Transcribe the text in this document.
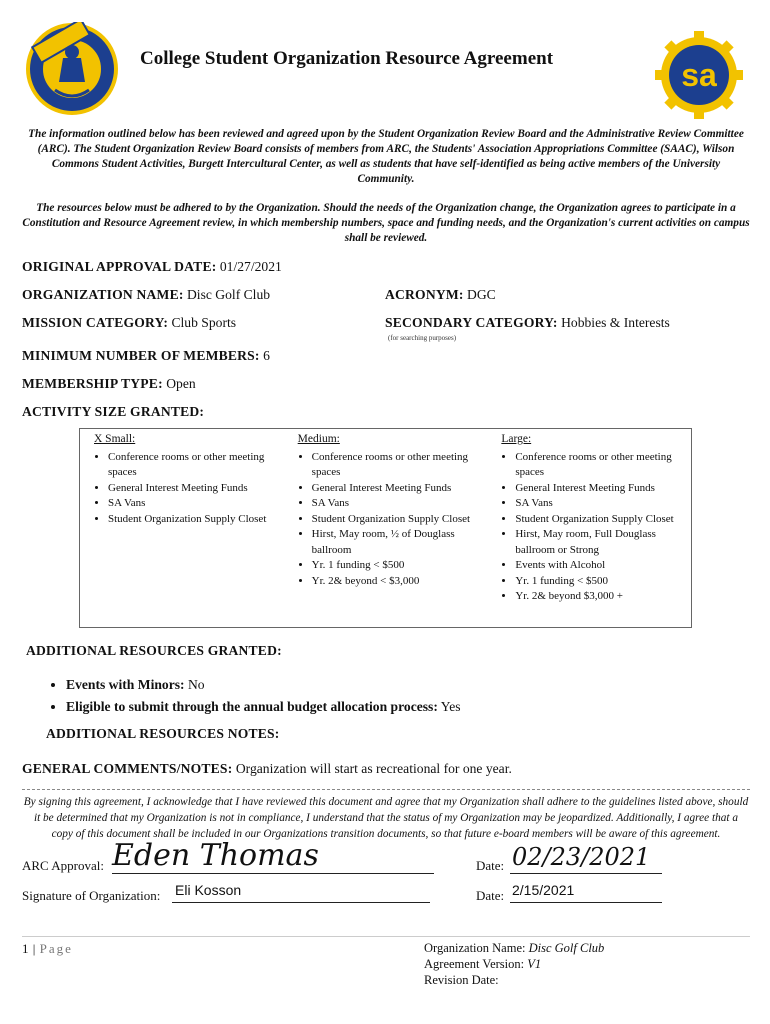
College Student Organization Resource Agreement	sa
The information outlined below has been reviewed and agreed upon by the Student Organization Review Board and the Administrative Review Committee (ARC). The Student Organization Review Board consists of members from ARC, the Students' Association Appropriations Committee (SAAC), Wilson Commons Student Activities, Burgett Intercultural Center, as well as students that have self-identified as being active members of the University Community.
The resources below must be adhered to by the Organization. Should the needs of the Organization change, the Organization agrees to participate in a Constitution and Resource Agreement review, in which membership numbers, space and funding needs, and the Organization's current activities on campus shall be reviewed.
ORIGINAL APPROVAL DATE: 01/27/2021
ORGANIZATION NAME: Disc Golf Club	ACRONYM: DGC
MISSION CATEGORY: Club Sports	SECONDARY CATEGORY: Hobbies & Interests
(for searching purposes)
MINIMUM NUMBER OF MEMBERS: 6
MEMBERSHIP TYPE: Open
ACTIVITY SIZE GRANTED:
X Small:
• Conference rooms or other meeting spaces
• General Interest Meeting Funds
• SA Vans
• Student Organization Supply Closet
Medium:
• Conference rooms or other meeting spaces
• General Interest Meeting Funds
• SA Vans
• Student Organization Supply Closet
• Hirst, May room, ½ of Douglass ballroom
• Yr. 1 funding < $500
• Yr. 2& beyond < $3,000
Large:
• Conference rooms or other meeting spaces
• General Interest Meeting Funds
• SA Vans
• Student Organization Supply Closet
• Hirst, May room, Full Douglass ballroom or Strong
• Events with Alcohol
• Yr. 1 funding < $500
• Yr. 2& beyond $3,000 +
ADDITIONAL RESOURCES GRANTED:
• Events with Minors: No
• Eligible to submit through the annual budget allocation process: Yes
ADDITIONAL RESOURCES NOTES:
GENERAL COMMENTS/NOTES: Organization will start as recreational for one year.
By signing this agreement, I acknowledge that I have reviewed this document and agree that my Organization shall adhere to the guidelines listed above, should it be determined that my Organization is not in compliance, I understand that the status of my Organization may be jeopardized. Additionally, I agree that a copy of this document shall be included in our Organizations transition documents, so that future e-board members will be aware of this agreement.
ARC Approval: Eden Thomas	Date: 02/23/2021
Signature of Organization: Eli Kosson	Date: 2/15/2021
1 | Page	Organization Name: Disc Golf Club
Agreement Version: V1
Revision Date:
